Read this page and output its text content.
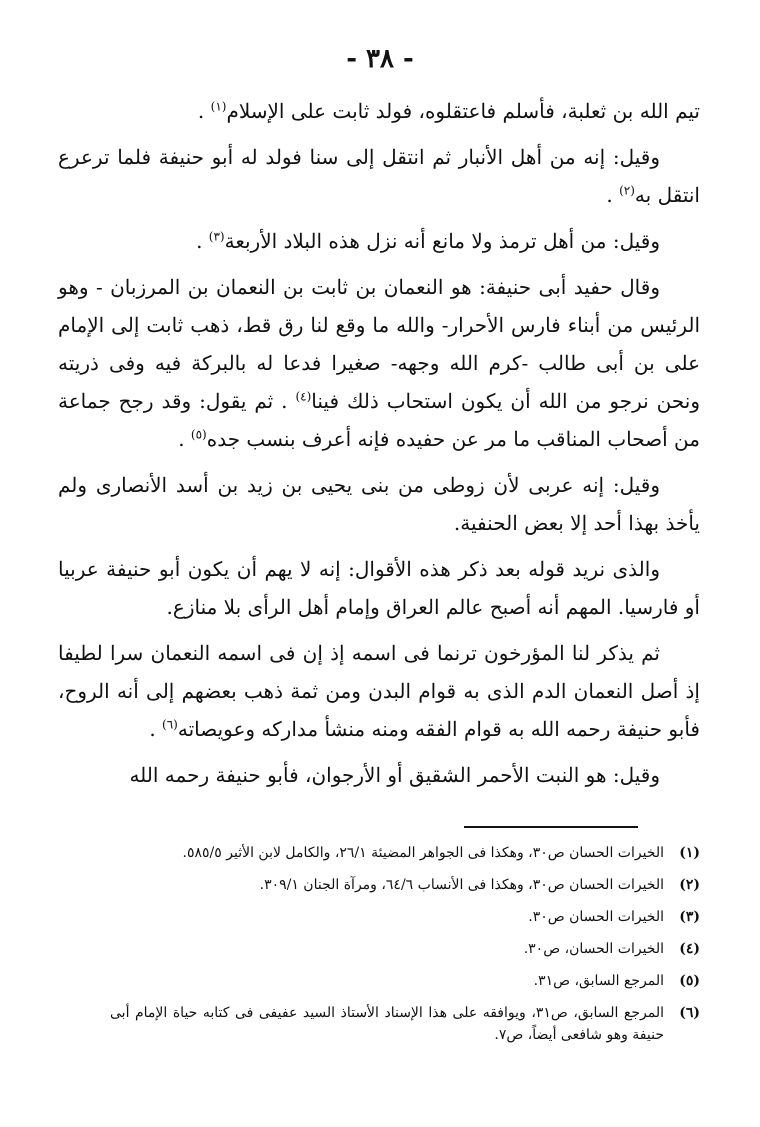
- ٣٨ -

تيم الله بن ثعلبة، فأسلم فاعتقلوه، فولد ثابت على الإسلام$^{(١)}$ .

وقيل: إنه من أهل الأنبار ثم انتقل إلى سنا فولد له أبو حنيفة فلما ترعرع انتقل به$^{(٢)}$ .

وقيل: من أهل ترمذ ولا مانع أنه نزل هذه البلاد الأربعة$^{(٣)}$ .

وقال حفيد أبى حنيفة: هو النعمان بن ثابت بن النعمان بن المرزبان - وهو الرئيس من أبناء فارس الأحرار- والله ما وقع لنا رق قط، ذهب ثابت إلى الإمام على بن أبى طالب -كرم الله وجهه- صغيرا فدعا له بالبركة فيه وفى ذريته ونحن نرجو من الله أن يكون استحاب ذلك فينا$^{(٤)}$ . ثم يقول: وقد رجح جماعة من أصحاب المناقب ما مر عن حفيده فإنه أعرف بنسب جده$^{(٥)}$ .

وقيل: إنه عربى لأن زوطى من بنى يحيى بن زيد بن أسد الأنصارى ولم يأخذ بهذا أحد إلا بعض الحنفية.

والذى نريد قوله بعد ذكر هذه الأقوال: إنه لا يهم أن يكون أبو حنيفة عربيا أو فارسيا. المهم أنه أصبح عالم العراق وإمام أهل الرأى بلا منازع.

ثم يذكر لنا المؤرخون ترنما فى اسمه إذ إن فى اسمه النعمان سرا لطيفا إذ أصل النعمان الدم الذى به قوام البدن ومن ثمة ذهب بعضهم إلى أنه الروح، فأبو حنيفة رحمه الله به قوام الفقه ومنه منشأ مداركه وعويصاته$^{(٦)}$ .

وقيل: هو النبت الأحمر الشقيق أو الأرجوان، فأبو حنيفة رحمه الله

(١)
الخيرات الحسان ص٣٠، وهكذا فى الجواهر المضيئة ٢٦/١، والكامل لابن الأثير ٥٨٥/٥.
(٢)
الخيرات الحسان ص٣٠، وهكذا فى الأنساب ٦٤/٦، ومرآة الجنان ٣٠٩/١.
(٣)
الخيرات الحسان ص٣٠.
(٤)
الخيرات الحسان، ص٣٠.
(٥)
المرجع السابق، ص٣١.
(٦)
المرجع السابق، ص٣١، ويوافقه على هذا الإسناد الأستاذ السيد عفيفى فى كتابه حياة الإمام أبى حنيفة وهو شافعى أيضاً، ص٧.
